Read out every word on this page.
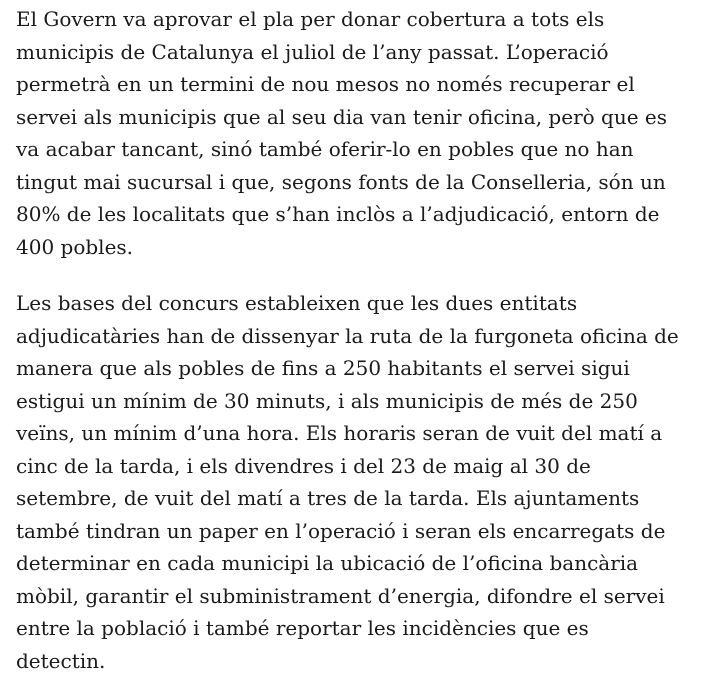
El Govern va aprovar el pla per donar cobertura a tots els
municipis de Catalunya el juliol de l’any passat. L’operació
permetrà en un termini de nou mesos no només recuperar el
servei als municipis que al seu dia van tenir oficina, però que es
va acabar tancant, sinó també oferir-lo en pobles que no han
tingut mai sucursal i que, segons fonts de la Conselleria, són un
80% de les localitats que s’han inclòs a l’adjudicació, entorn de
400 pobles.

Les bases del concurs estableixen que les dues entitats
adjudicatàries han de dissenyar la ruta de la furgoneta oficina de
manera que als pobles de fins a 250 habitants el servei sigui
estigui un mínim de 30 minuts, i als municipis de més de 250
veïns, un mínim d’una hora. Els horaris seran de vuit del matí a
cinc de la tarda, i els divendres i del 23 de maig al 30 de
setembre, de vuit del matí a tres de la tarda. Els ajuntaments
també tindran un paper en l’operació i seran els encarregats de
determinar en cada municipi la ubicació de l’oficina bancària
mòbil, garantir el subministrament d’energia, difondre el servei
entre la població i també reportar les incidències que es
detectin.
